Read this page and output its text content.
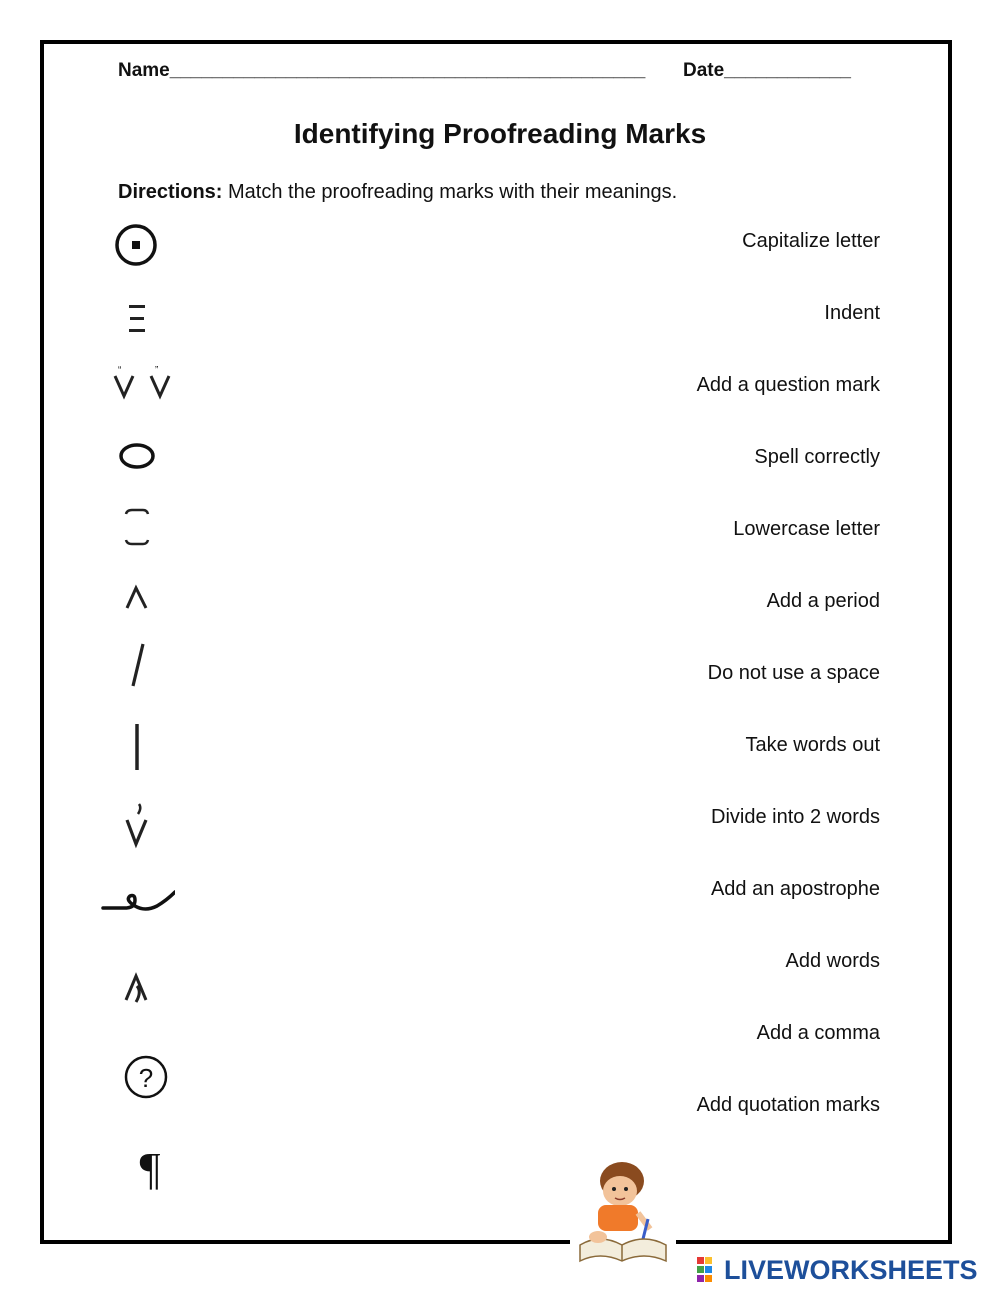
Name_____________________________________________ Date____________
Identifying Proofreading Marks
Directions: Match the proofreading marks with their meanings.
Capitalize letter
Indent
Add a question mark
Spell correctly
Lowercase letter
Add a period
Do not use a space
Take words out
Divide into 2 words
Add an apostrophe
Add words
Add a comma
Add quotation marks
“	”
?
¶
LIVEWORKSHEETS
